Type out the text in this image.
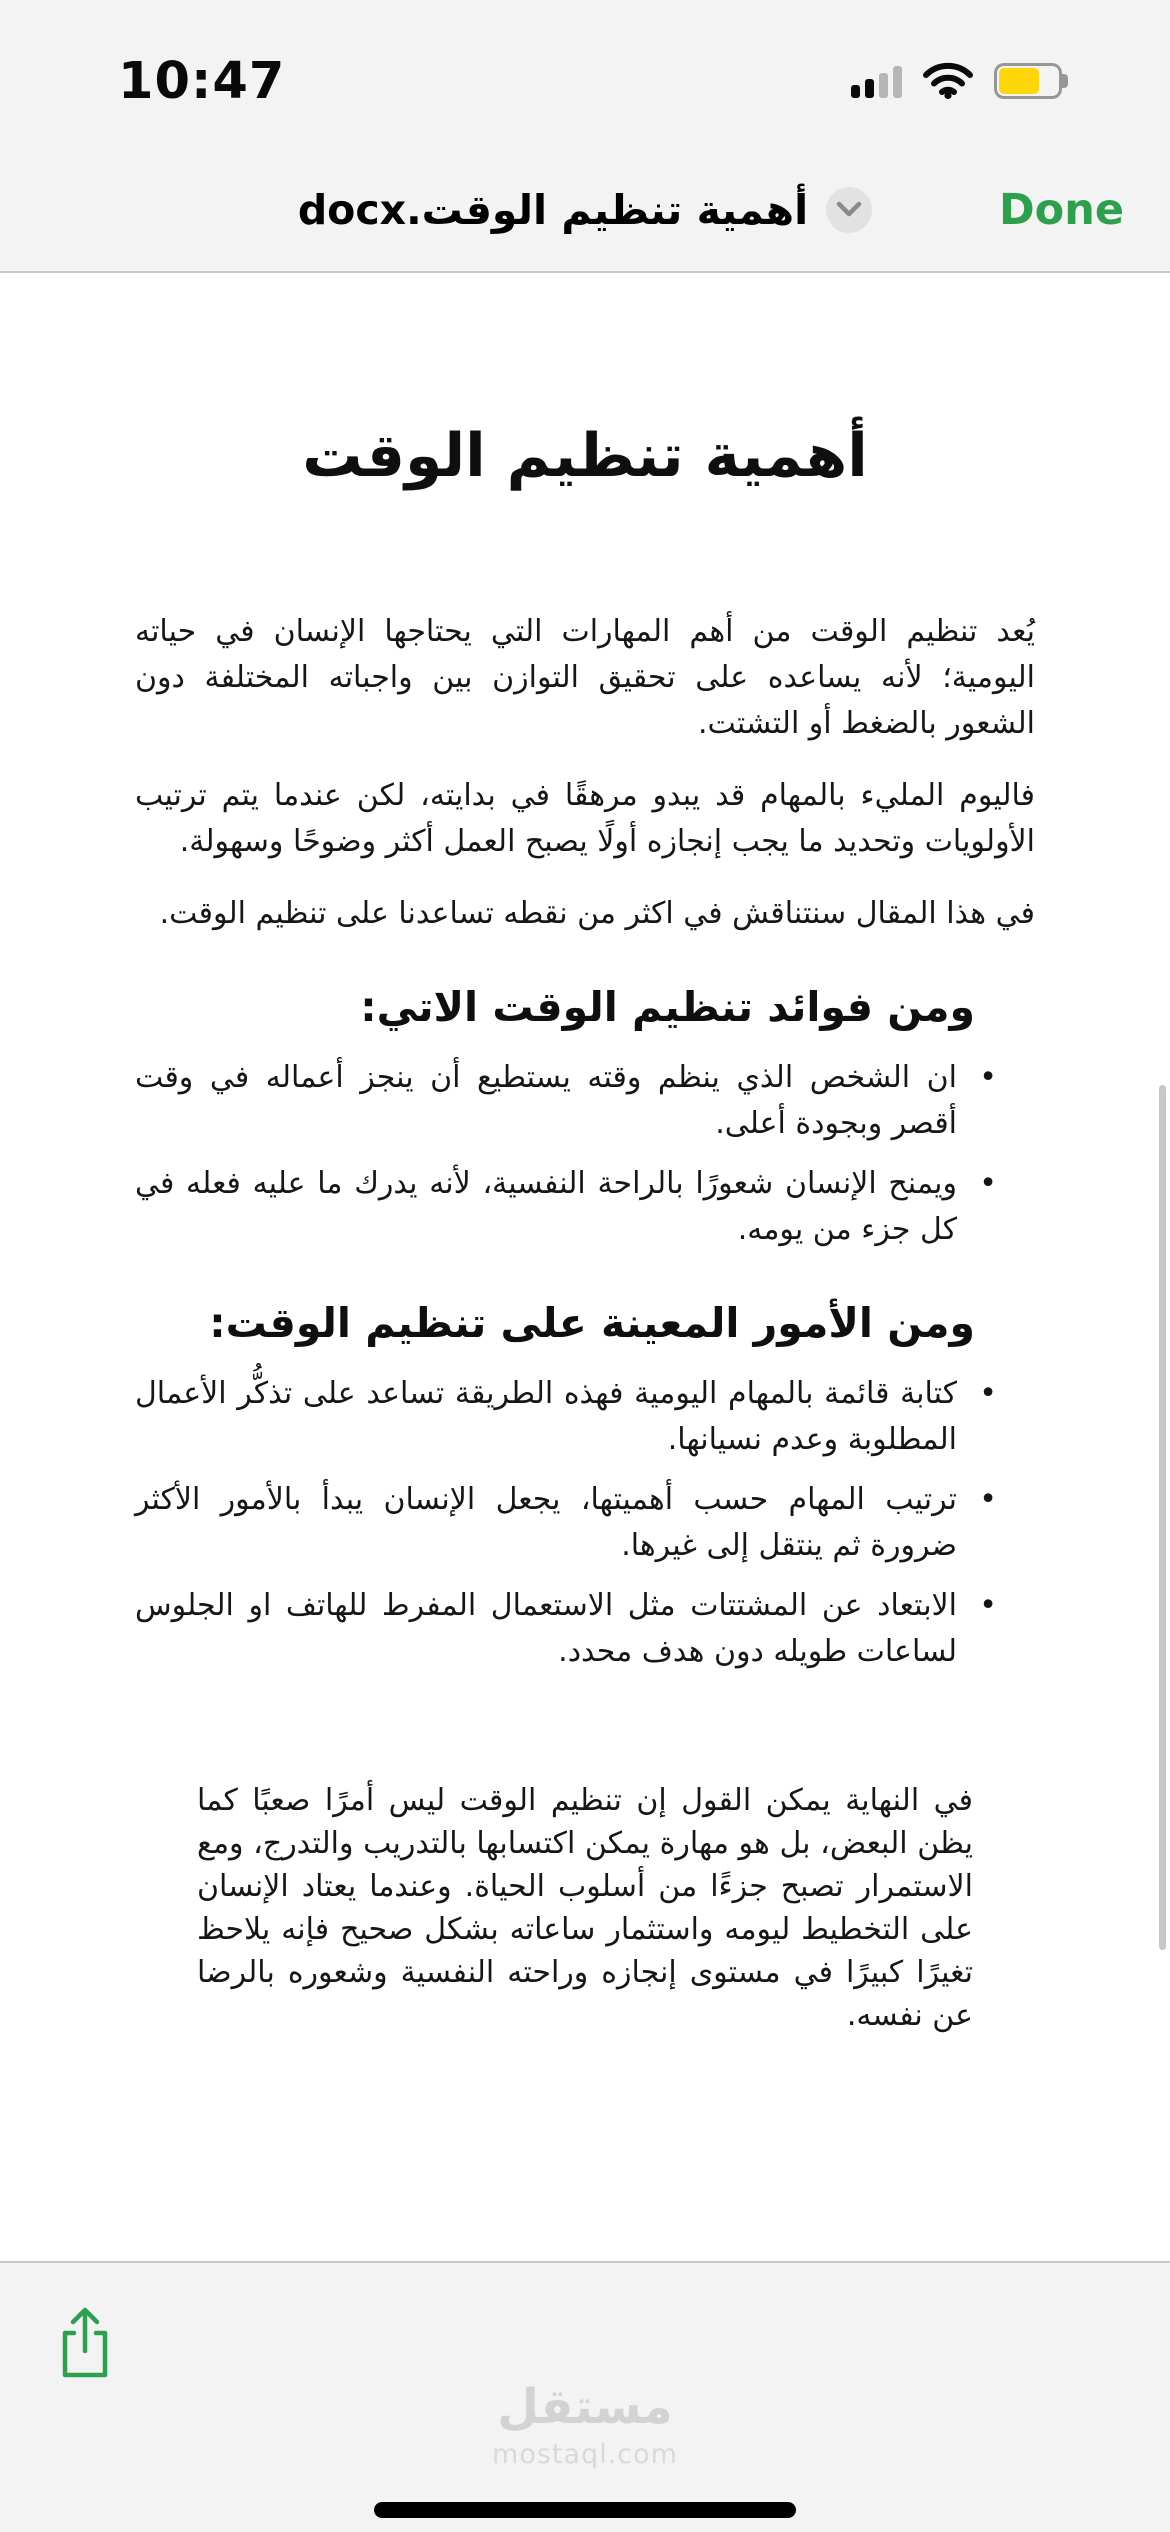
10:47
أهمية تنظيم الوقت.docx	Done
أهمية تنظيم الوقت

يُعد تنظيم الوقت من أهم المهارات التي يحتاجها الإنسان في حياته اليومية؛ لأنه يساعده على تحقيق التوازن بين واجباته المختلفة دون الشعور بالضغط أو التشتت.

فاليوم المليء بالمهام قد يبدو مرهقًا في بدايته، لكن عندما يتم ترتيب الأولويات وتحديد ما يجب إنجازه أولًا يصبح العمل أكثر وضوحًا وسهولة.

في هذا المقال سنتناقش في اكثر من نقطه تساعدنا على تنظيم الوقت.

ومن فوائد تنظيم الوقت الاتي:
• ان الشخص الذي ينظم وقته يستطيع أن ينجز أعماله في وقت أقصر وبجودة أعلى.
• ويمنح الإنسان شعورًا بالراحة النفسية، لأنه يدرك ما عليه فعله في كل جزء من يومه.
ومن الأمور المعينة على تنظيم الوقت:
• كتابة قائمة بالمهام اليومية فهذه الطريقة تساعد على تذكُّر الأعمال المطلوبة وعدم نسيانها.
• ترتيب المهام حسب أهميتها، يجعل الإنسان يبدأ بالأمور الأكثر ضرورة ثم ينتقل إلى غيرها.
• الابتعاد عن المشتتات مثل الاستعمال المفرط للهاتف او الجلوس لساعات طويله دون هدف محدد.

في النهاية يمكن القول إن تنظيم الوقت ليس أمرًا صعبًا كما يظن البعض، بل هو مهارة يمكن اكتسابها بالتدريب والتدرج، ومع الاستمرار تصبح جزءًا من أسلوب الحياة. وعندما يعتاد الإنسان على التخطيط ليومه واستثمار ساعاته بشكل صحيح فإنه يلاحظ تغيرًا كبيرًا في مستوى إنجازه وراحته النفسية وشعوره بالرضا عن نفسه.

مستقل
mostaql.com
